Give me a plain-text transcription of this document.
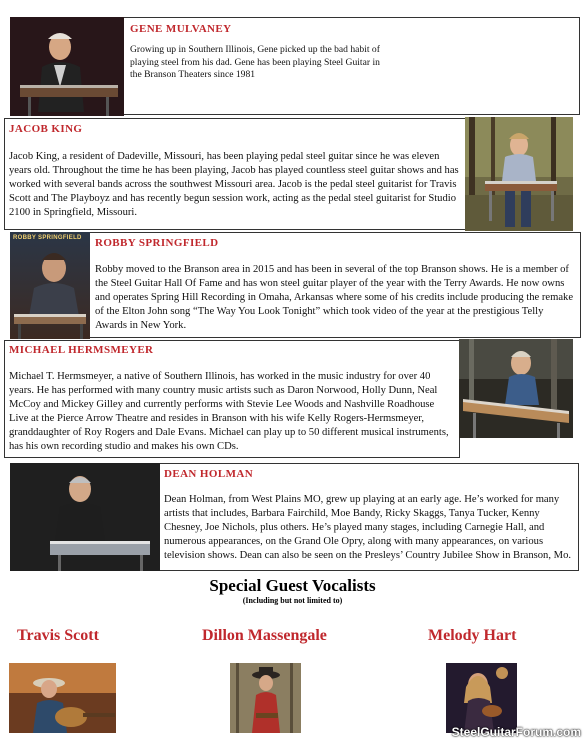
GENE MULVANEY
Growing up in Southern Illinois, Gene picked up the bad habit of playing steel from his dad. Gene has been playing Steel Guitar in the Branson Theaters since 1981
JACOB KING
Jacob King, a resident of Dadeville, Missouri, has been playing pedal steel guitar since he was eleven years old. Throughout the time he has been playing, Jacob has played countless steel guitar shows and has worked with several bands across the southwest Missouri area. Jacob is the pedal steel guitarist for Travis Scott and The Playboyz and has recently begun session work, acting as the pedal steel guitarist for Studio 2100 in Springfield, Missouri.
ROBBY SPRINGFIELD ROBBY SPRINGFIELD
Robby moved to the Branson area in 2015 and has been in several of the top Branson shows. He is a member of the Steel Guitar Hall Of Fame and has won steel guitar player of the year with the Terry Awards. He now owns and operates Spring Hill Recording in Omaha, Arkansas where some of his credits include producing the remake of the Elton John song “The Way You Look Tonight” which took video of the year at the prestigious Telly Awards in New York.
MICHAEL HERMSMEYER
Michael T. Hermsmeyer, a native of Southern Illinois, has worked in the music industry for over 40 years. He has performed with many country music artists such as Daron Norwood, Holly Dunn, Neal McCoy and Mickey Gilley and currently performs with Stevie Lee Woods and Nashville Roadhouse Live at the Pierce Arrow Theatre and resides in Branson with his wife Kelly Rogers-Hermsmeyer, granddaughter of Roy Rogers and Dale Evans. Michael can play up to 50 different musical instruments, has his own recording studio and makes his own CDs.
DEAN HOLMAN
Dean Holman, from West Plains MO, grew up playing at an early age. He’s worked for many artists that includes, Barbara Fairchild, Moe Bandy, Ricky Skaggs, Tanya Tucker, Kenny Chesney, Joe Nichols, plus others. He’s played many stages, including Carnegie Hall, and numerous appearances, on the Grand Ole Opry, along with many appearances, on various television shows. Dean can also be seen on the Presleys’ Country Jubilee Show in Branson, Mo.
Special Guest Vocalists
(Including but not limited to)
Travis Scott	Dillon Massengale	Melody Hart
SteelGuitarForum.com
